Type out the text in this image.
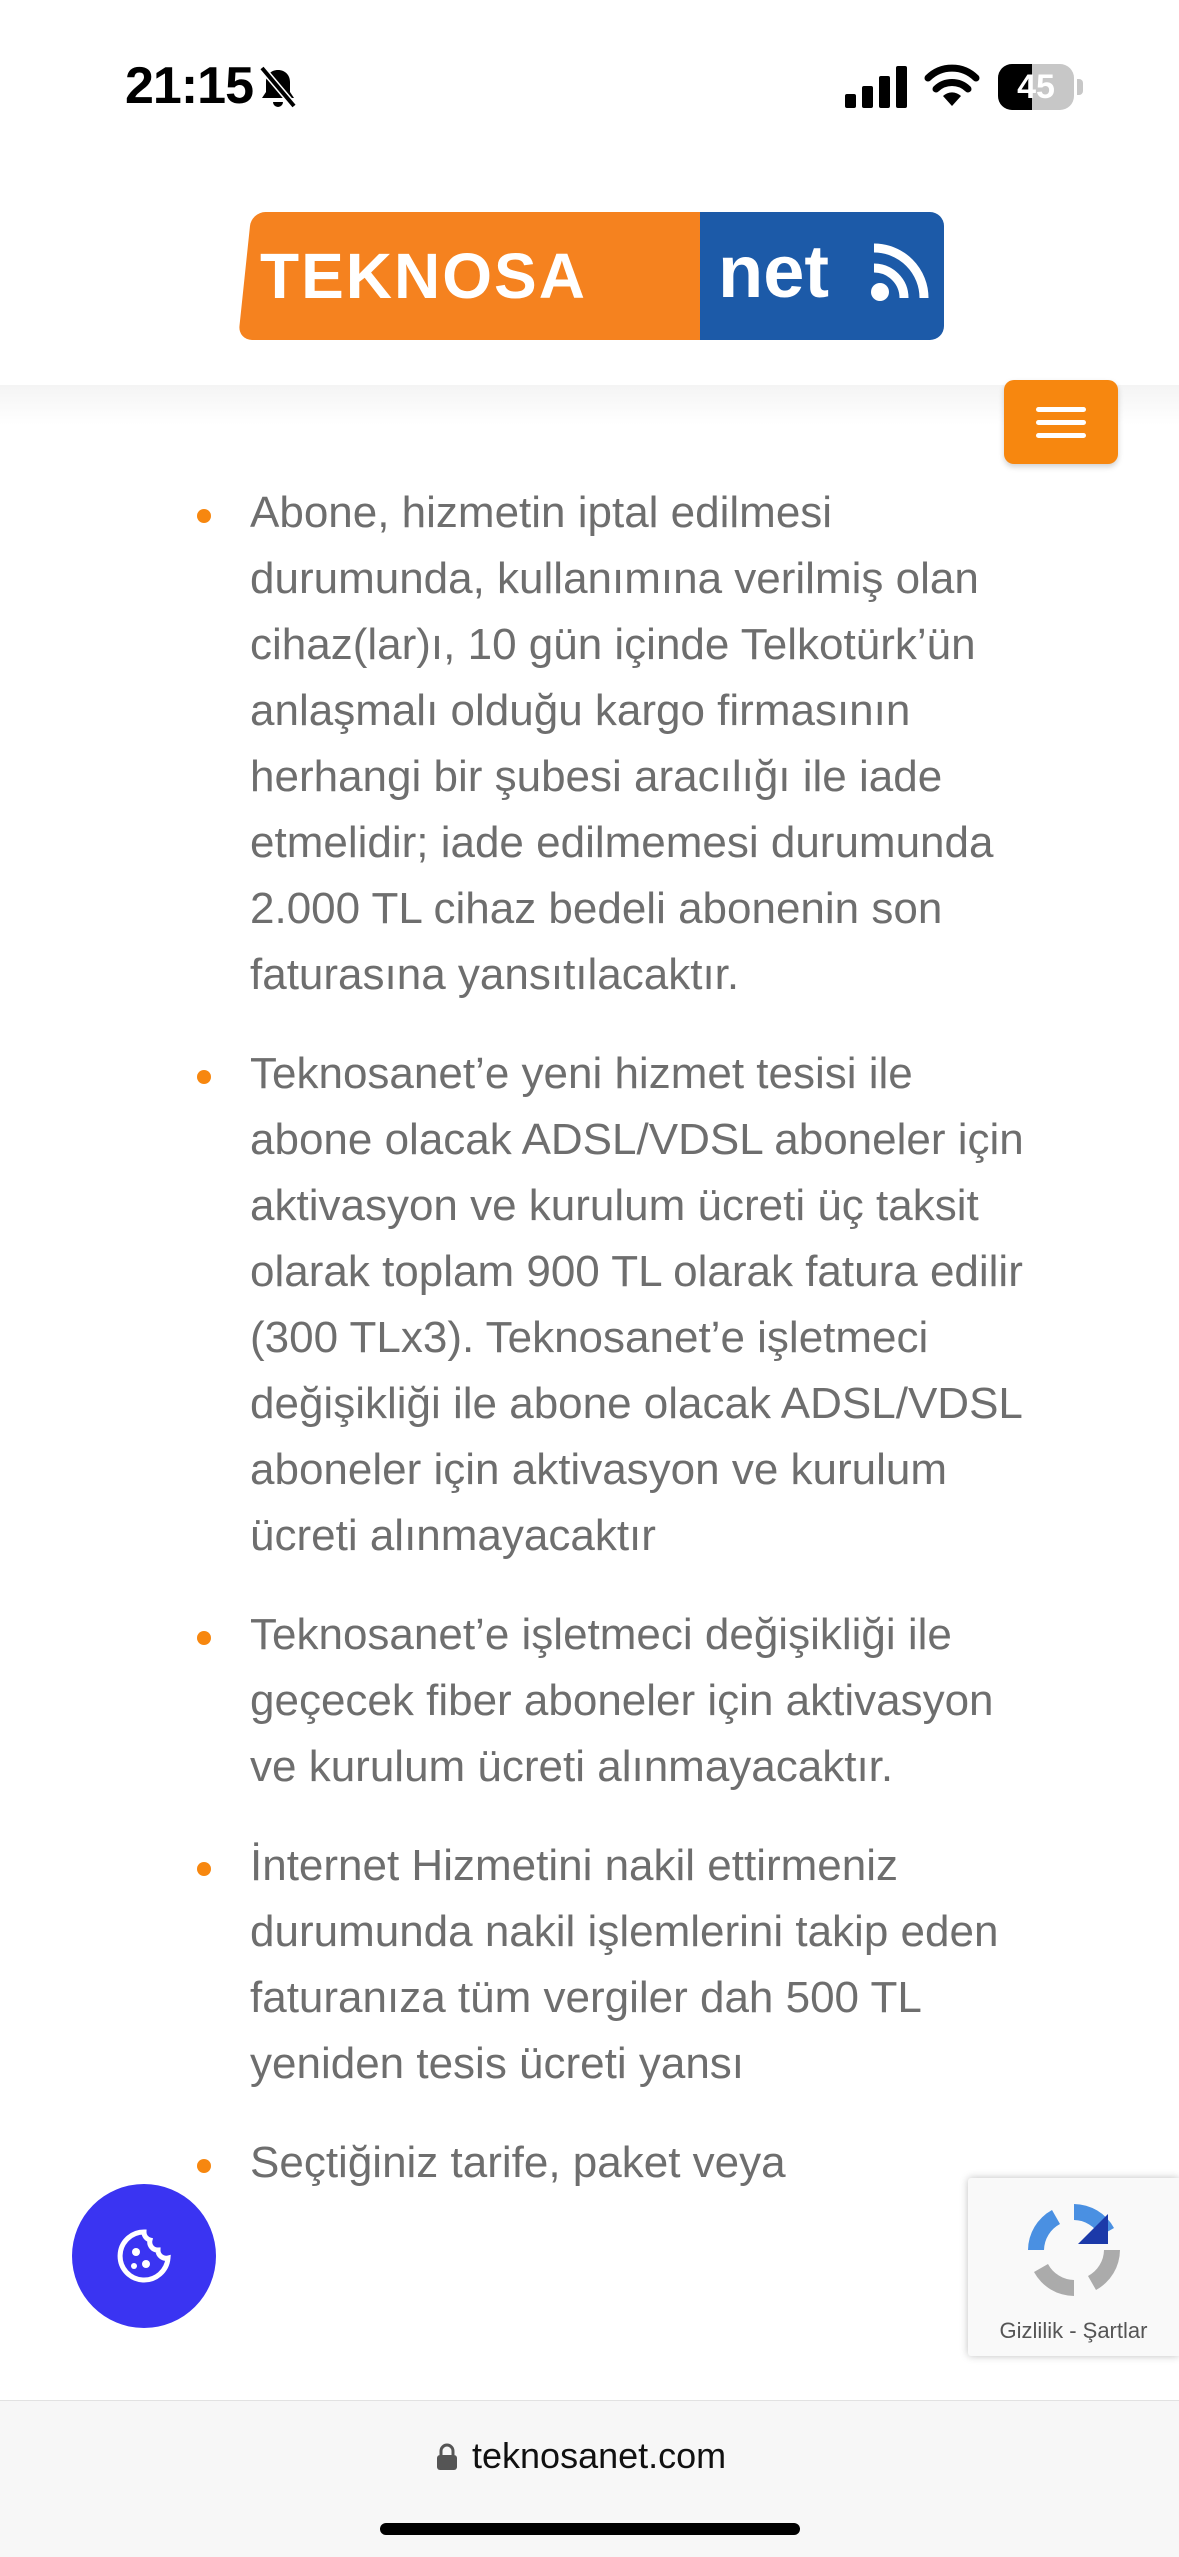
21:15	45
TEKNOSA net
Abone, hizmetin iptal edilmesi durumunda, kullanımına verilmiş olan cihaz(lar)ı, 10 gün içinde Telkotürk’ün anlaşmalı olduğu kargo firmasının herhangi bir şubesi aracılığı ile iade etmelidir; iade edilmemesi durumunda 2.000 TL cihaz bedeli abonenin son faturasına yansıtılacaktır.
Teknosanet’e yeni hizmet tesisi ile abone olacak ADSL/VDSL aboneler için aktivasyon ve kurulum ücreti üç taksit olarak toplam 900 TL olarak fatura edilir (300 TLx3). Teknosanet’e işletmeci değişikliği ile abone olacak ADSL/VDSL aboneler için aktivasyon ve kurulum ücreti alınmayacaktır
Teknosanet’e işletmeci değişikliği ile geçecek fiber aboneler için aktivasyon ve kurulum ücreti alınmayacaktır.
İnternet Hizmetini nakil ettirmeniz durumunda nakil işlemlerini takip eden faturanıza tüm vergiler dah 500 TL yeniden tesis ücreti yansı
Seçtiğiniz tarife, paket veya
Gizlilik - Şartlar
teknosanet.com
